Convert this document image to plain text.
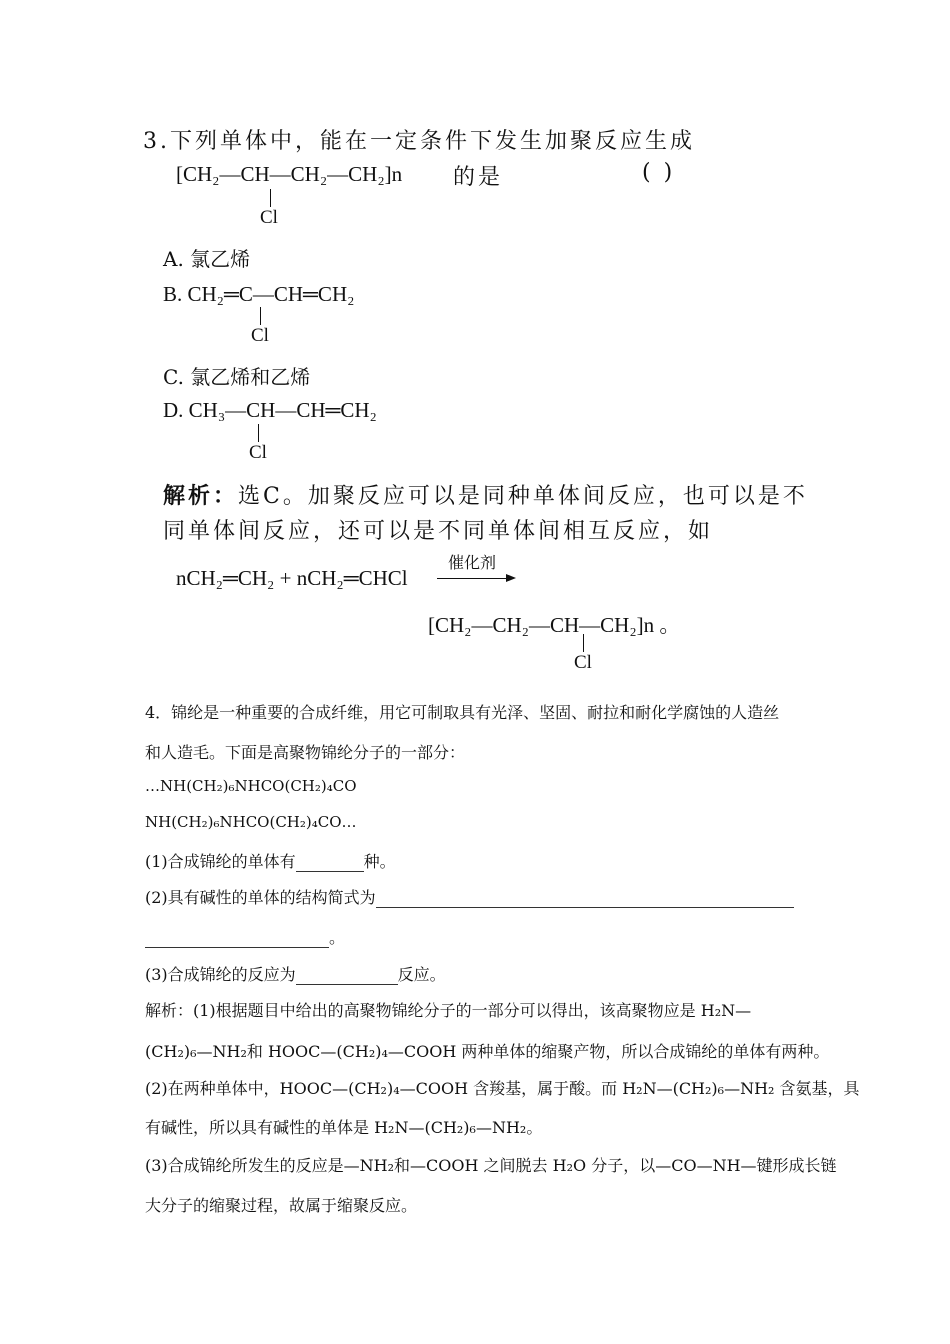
3.下列单体中，能在一定条件下发生加聚反应生成
[CH₂—CH—CH₂—CH₂]n
Cl
的是	( )
A. 氯乙烯
B. CH₂═C—CH═CH₂
Cl
C. 氯乙烯和乙烯
D. CH₃—CH—CH═CH₂
Cl
解析：选C。加聚反应可以是同种单体间反应，也可以是不
同单体间反应，还可以是不同单体间相互反应，如
nCH₂═CH₂ + nCH₂═CHCl
催化剂
[CH₂—CH₂—CH—CH₂]n 。
Cl
4．锦纶是一种重要的合成纤维，用它可制取具有光泽、坚固、耐拉和耐化学腐蚀的人造丝
和人造毛。下面是高聚物锦纶分子的一部分：
…NH(CH₂)₆NHCO(CH₂)₄CO
NH(CH₂)₆NHCO(CH₂)₄CO…
(1)合成锦纶的单体有	种。
(2)具有碱性的单体的结构简式为
。
(3)合成锦纶的反应为	反应。
解析：(1)根据题目中给出的高聚物锦纶分子的一部分可以得出，该高聚物应是 H₂N—
(CH₂)₆—NH₂和 HOOC—(CH₂)₄—COOH 两种单体的缩聚产物，所以合成锦纶的单体有两种。
(2)在两种单体中，HOOC—(CH₂)₄—COOH 含羧基，属于酸。而 H₂N—(CH₂)₆—NH₂ 含氨基，具
有碱性，所以具有碱性的单体是 H₂N—(CH₂)₆—NH₂。
(3)合成锦纶所发生的反应是—NH₂和—COOH 之间脱去 H₂O 分子，以—CO—NH—键形成长链
大分子的缩聚过程，故属于缩聚反应。
